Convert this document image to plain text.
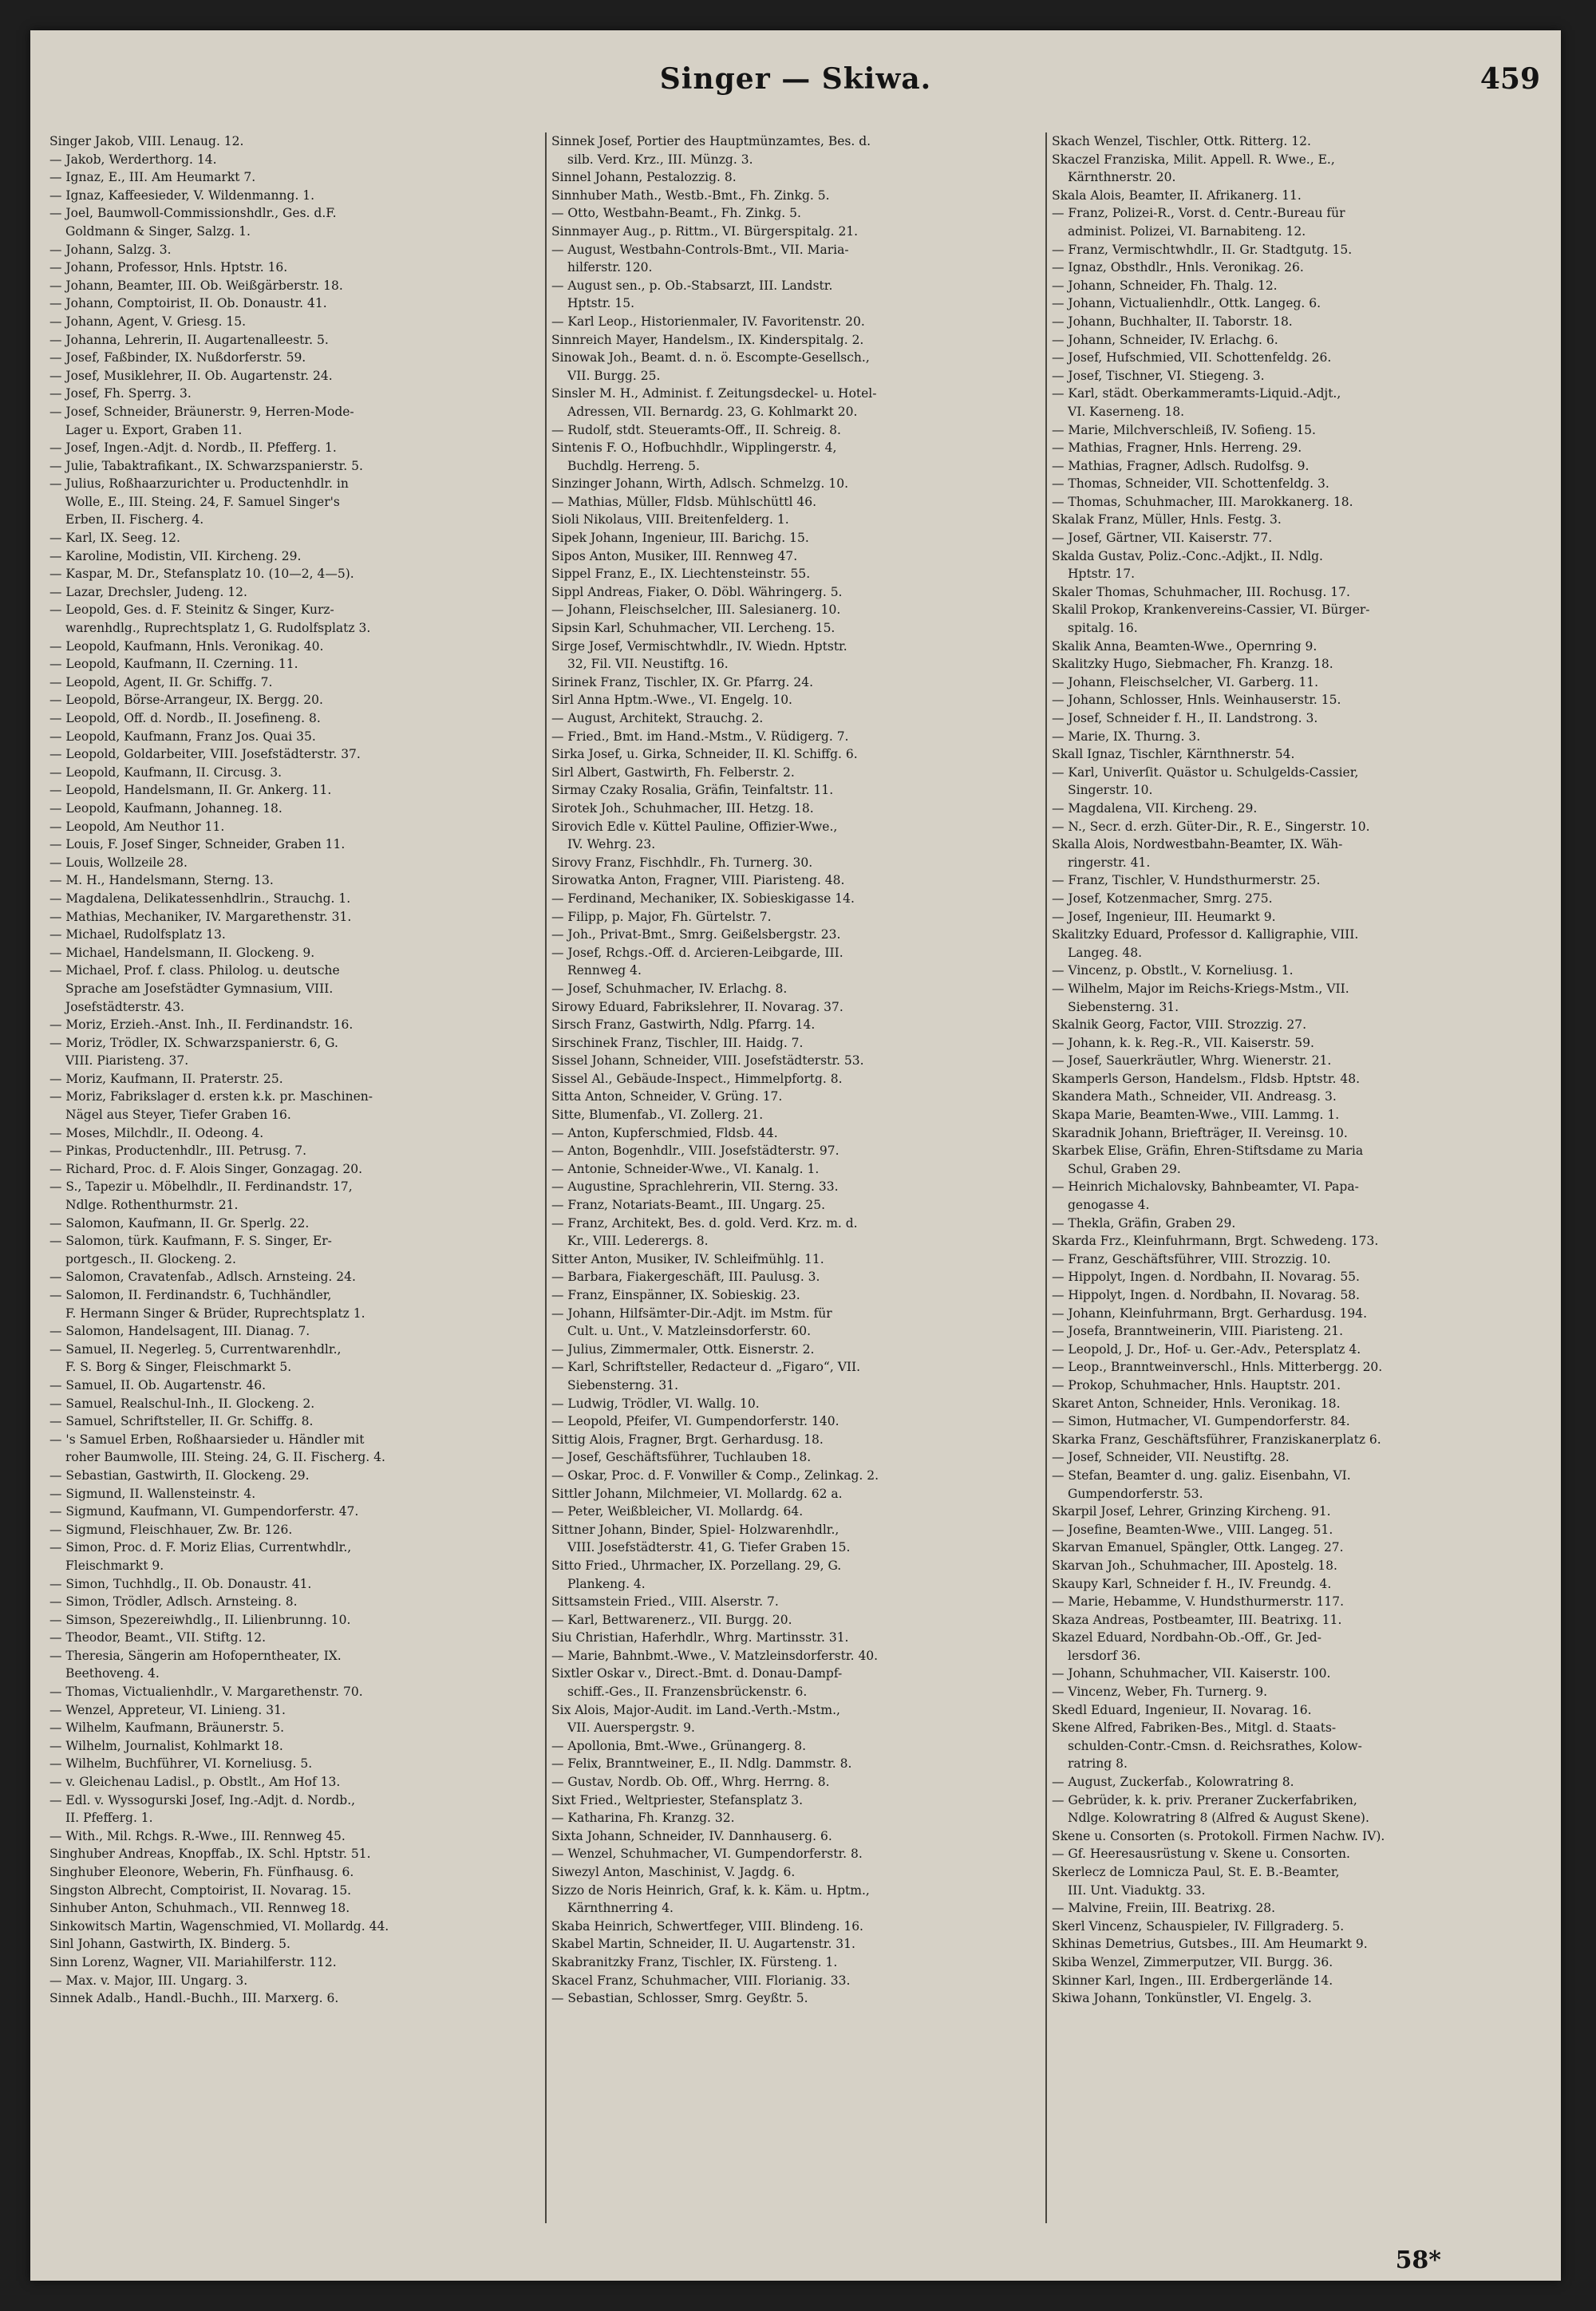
Singer — Skiwa.	459
Singer Jakob, VIII. Lenaug. 12.
— Jakob, Werderthorg. 14.
— Ignaz, E., III. Am Heumarkt 7.
— Ignaz, Kaffeesieder, V. Wildenmanng. 1.
— Joel, Baumwoll-Commissionshdlr., Ges. d.F.
Goldmann & Singer, Salzg. 1.
— Johann, Salzg. 3.
— Johann, Professor, Hnls. Hptstr. 16.
— Johann, Beamter, III. Ob. Weißgärberstr. 18.
— Johann, Comptoirist, II. Ob. Donaustr. 41.
— Johann, Agent, V. Griesg. 15.
— Johanna, Lehrerin, II. Augartenalleestr. 5.
— Josef, Faßbinder, IX. Nußdorferstr. 59.
— Josef, Musiklehrer, II. Ob. Augartenstr. 24.
— Josef, Fh. Sperrg. 3.
— Josef, Schneider, Bräunerstr. 9, Herren-Mode-
Lager u. Export, Graben 11.
— Josef, Ingen.-Adjt. d. Nordb., II. Pfefferg. 1.
— Julie, Tabaktrafikant., IX. Schwarzspanierstr. 5.
— Julius, Roßhaarzurichter u. Productenhdlr. in
Wolle, E., III. Steing. 24, F. Samuel Singer's
Erben, II. Fischerg. 4.
— Karl, IX. Seeg. 12.
— Karoline, Modistin, VII. Kircheng. 29.
— Kaspar, M. Dr., Stefansplatz 10. (10—2, 4—5).
— Lazar, Drechsler, Judeng. 12.
— Leopold, Ges. d. F. Steinitz & Singer, Kurz-
warenhdlg., Ruprechtsplatz 1, G. Rudolfsplatz 3.
— Leopold, Kaufmann, Hnls. Veronikag. 40.
— Leopold, Kaufmann, II. Czerning. 11.
— Leopold, Agent, II. Gr. Schiffg. 7.
— Leopold, Börse-Arrangeur, IX. Bergg. 20.
— Leopold, Off. d. Nordb., II. Josefineng. 8.
— Leopold, Kaufmann, Franz Jos. Quai 35.
— Leopold, Goldarbeiter, VIII. Josefstädterstr. 37.
— Leopold, Kaufmann, II. Circusg. 3.
— Leopold, Handelsmann, II. Gr. Ankerg. 11.
— Leopold, Kaufmann, Johanneg. 18.
— Leopold, Am Neuthor 11.
— Louis, F. Josef Singer, Schneider, Graben 11.
— Louis, Wollzeile 28.
— M. H., Handelsmann, Sterng. 13.
— Magdalena, Delikatessenhdlrin., Strauchg. 1.
— Mathias, Mechaniker, IV. Margarethenstr. 31.
— Michael, Rudolfsplatz 13.
— Michael, Handelsmann, II. Glockeng. 9.
— Michael, Prof. f. class. Philolog. u. deutsche
Sprache am Josefstädter Gymnasium, VIII.
Josefstädterstr. 43.
— Moriz, Erzieh.-Anst. Inh., II. Ferdinandstr. 16.
— Moriz, Trödler, IX. Schwarzspanierstr. 6, G.
VIII. Piaristeng. 37.
— Moriz, Kaufmann, II. Praterstr. 25.
— Moriz, Fabrikslager d. ersten k.k. pr. Maschinen-
Nägel aus Steyer, Tiefer Graben 16.
— Moses, Milchdlr., II. Odeong. 4.
— Pinkas, Productenhdlr., III. Petrusg. 7.
— Richard, Proc. d. F. Alois Singer, Gonzagag. 20.
— S., Tapezir u. Möbelhdlr., II. Ferdinandstr. 17,
Ndlge. Rothenthurmstr. 21.
— Salomon, Kaufmann, II. Gr. Sperlg. 22.
— Salomon, türk. Kaufmann, F. S. Singer, Er-
portgesch., II. Glockeng. 2.
— Salomon, Cravatenfab., Adlsch. Arnsteing. 24.
— Salomon, II. Ferdinandstr. 6, Tuchhändler,
F. Hermann Singer & Brüder, Ruprechtsplatz 1.
— Salomon, Handelsagent, III. Dianag. 7.
— Samuel, II. Negerleg. 5, Currentwarenhdlr.,
F. S. Borg & Singer, Fleischmarkt 5.
— Samuel, II. Ob. Augartenstr. 46.
— Samuel, Realschul-Inh., II. Glockeng. 2.
— Samuel, Schriftsteller, II. Gr. Schiffg. 8.
— 's Samuel Erben, Roßhaarsieder u. Händler mit
roher Baumwolle, III. Steing. 24, G. II. Fischerg. 4.
— Sebastian, Gastwirth, II. Glockeng. 29.
— Sigmund, II. Wallensteinstr. 4.
— Sigmund, Kaufmann, VI. Gumpendorferstr. 47.
— Sigmund, Fleischhauer, Zw. Br. 126.
— Simon, Proc. d. F. Moriz Elias, Currentwhdlr.,
Fleischmarkt 9.
— Simon, Tuchhdlg., II. Ob. Donaustr. 41.
— Simon, Trödler, Adlsch. Arnsteing. 8.
— Simson, Spezereiwhdlg., II. Lilienbrunng. 10.
— Theodor, Beamt., VII. Stiftg. 12.
— Theresia, Sängerin am Hofoperntheater, IX.
Beethoveng. 4.
— Thomas, Victualienhdlr., V. Margarethenstr. 70.
— Wenzel, Appreteur, VI. Linieng. 31.
— Wilhelm, Kaufmann, Bräunerstr. 5.
— Wilhelm, Journalist, Kohlmarkt 18.
— Wilhelm, Buchführer, VI. Korneliusg. 5.
— v. Gleichenau Ladisl., p. Obstlt., Am Hof 13.
— Edl. v. Wyssogurski Josef, Ing.-Adjt. d. Nordb.,
II. Pfefferg. 1.
— With., Mil. Rchgs. R.-Wwe., III. Rennweg 45.
Singhuber Andreas, Knopffab., IX. Schl. Hptstr. 51.
Singhuber Eleonore, Weberin, Fh. Fünfhausg. 6.
Singston Albrecht, Comptoirist, II. Novarag. 15.
Sinhuber Anton, Schuhmach., VII. Rennweg 18.
Sinkowitsch Martin, Wagenschmied, VI. Mollardg. 44.
Sinl Johann, Gastwirth, IX. Binderg. 5.
Sinn Lorenz, Wagner, VII. Mariahilferstr. 112.
— Max. v. Major, III. Ungarg. 3.
Sinnek Adalb., Handl.-Buchh., III. Marxerg. 6.
Sinnek Josef, Portier des Hauptmünzamtes, Bes. d.
silb. Verd. Krz., III. Münzg. 3.
Sinnel Johann, Pestalozzig. 8.
Sinnhuber Math., Westb.-Bmt., Fh. Zinkg. 5.
— Otto, Westbahn-Beamt., Fh. Zinkg. 5.
Sinnmayer Aug., p. Rittm., VI. Bürgerspitalg. 21.
— August, Westbahn-Controls-Bmt., VII. Maria-
hilferstr. 120.
— August sen., p. Ob.-Stabsarzt, III. Landstr.
Hptstr. 15.
— Karl Leop., Historienmaler, IV. Favoritenstr. 20.
Sinnreich Mayer, Handelsm., IX. Kinderspitalg. 2.
Sinowak Joh., Beamt. d. n. ö. Escompte-Gesellsch.,
VII. Burgg. 25.
Sinsler M. H., Administ. f. Zeitungsdeckel- u. Hotel-
Adressen, VII. Bernardg. 23, G. Kohlmarkt 20.
— Rudolf, stdt. Steueramts-Off., II. Schreig. 8.
Sintenis F. O., Hofbuchhdlr., Wipplingerstr. 4,
Buchdlg. Herreng. 5.
Sinzinger Johann, Wirth, Adlsch. Schmelzg. 10.
— Mathias, Müller, Fldsb. Mühlschüttl 46.
Sioli Nikolaus, VIII. Breitenfelderg. 1.
Sipek Johann, Ingenieur, III. Barichg. 15.
Sipos Anton, Musiker, III. Rennweg 47.
Sippel Franz, E., IX. Liechtensteinstr. 55.
Sippl Andreas, Fiaker, O. Döbl. Währingerg. 5.
— Johann, Fleischselcher, III. Salesianerg. 10.
Sipsin Karl, Schuhmacher, VII. Lercheng. 15.
Sirge Josef, Vermischtwhdlr., IV. Wiedn. Hptstr.
32, Fil. VII. Neustiftg. 16.
Sirinek Franz, Tischler, IX. Gr. Pfarrg. 24.
Sirl Anna Hptm.-Wwe., VI. Engelg. 10.
— August, Architekt, Strauchg. 2.
— Fried., Bmt. im Hand.-Mstm., V. Rüdigerg. 7.
Sirka Josef, u. Girka, Schneider, II. Kl. Schiffg. 6.
Sirl Albert, Gastwirth, Fh. Felberstr. 2.
Sirmay Czaky Rosalia, Gräfin, Teinfaltstr. 11.
Sirotek Joh., Schuhmacher, III. Hetzg. 18.
Sirovich Edle v. Küttel Pauline, Offizier-Wwe.,
IV. Wehrg. 23.
Sirovy Franz, Fischhdlr., Fh. Turnerg. 30.
Sirowatka Anton, Fragner, VIII. Piaristeng. 48.
— Ferdinand, Mechaniker, IX. Sobieskigasse 14.
— Filipp, p. Major, Fh. Gürtelstr. 7.
— Joh., Privat-Bmt., Smrg. Geißelsbergstr. 23.
— Josef, Rchgs.-Off. d. Arcieren-Leibgarde, III.
Rennweg 4.
— Josef, Schuhmacher, IV. Erlachg. 8.
Sirowy Eduard, Fabrikslehrer, II. Novarag. 37.
Sirsch Franz, Gastwirth, Ndlg. Pfarrg. 14.
Sirschinek Franz, Tischler, III. Haidg. 7.
Sissel Johann, Schneider, VIII. Josefstädterstr. 53.
Sissel Al., Gebäude-Inspect., Himmelpfortg. 8.
Sitta Anton, Schneider, V. Grüng. 17.
Sitte, Blumenfab., VI. Zollerg. 21.
— Anton, Kupferschmied, Fldsb. 44.
— Anton, Bogenhdlr., VIII. Josefstädterstr. 97.
— Antonie, Schneider-Wwe., VI. Kanalg. 1.
— Augustine, Sprachlehrerin, VII. Sterng. 33.
— Franz, Notariats-Beamt., III. Ungarg. 25.
— Franz, Architekt, Bes. d. gold. Verd. Krz. m. d.
Kr., VIII. Lederergs. 8.
Sitter Anton, Musiker, IV. Schleifmühlg. 11.
— Barbara, Fiakergeschäft, III. Paulusg. 3.
— Franz, Einspänner, IX. Sobieskig. 23.
— Johann, Hilfsämter-Dir.-Adjt. im Mstm. für
Cult. u. Unt., V. Matzleinsdorferstr. 60.
— Julius, Zimmermaler, Ottk. Eisnerstr. 2.
— Karl, Schriftsteller, Redacteur d. „Figaro“, VII.
Siebensterng. 31.
— Ludwig, Trödler, VI. Wallg. 10.
— Leopold, Pfeifer, VI. Gumpendorferstr. 140.
Sittig Alois, Fragner, Brgt. Gerhardusg. 18.
— Josef, Geschäftsführer, Tuchlauben 18.
— Oskar, Proc. d. F. Vonwiller & Comp., Zelinkag. 2.
Sittler Johann, Milchmeier, VI. Mollardg. 62 a.
— Peter, Weißbleicher, VI. Mollardg. 64.
Sittner Johann, Binder, Spiel- Holzwarenhdlr.,
VIII. Josefstädterstr. 41, G. Tiefer Graben 15.
Sitto Fried., Uhrmacher, IX. Porzellang. 29, G.
Plankeng. 4.
Sittsamstein Fried., VIII. Alserstr. 7.
— Karl, Bettwarenerz., VII. Burgg. 20.
Siu Christian, Haferhdlr., Whrg. Martinsstr. 31.
— Marie, Bahnbmt.-Wwe., V. Matzleinsdorferstr. 40.
Sixtler Oskar v., Direct.-Bmt. d. Donau-Dampf-
schiff.-Ges., II. Franzensbrückenstr. 6.
Six Alois, Major-Audit. im Land.-Verth.-Mstm.,
VII. Auerspergstr. 9.
— Apollonia, Bmt.-Wwe., Grünangerg. 8.
— Felix, Branntweiner, E., II. Ndlg. Dammstr. 8.
— Gustav, Nordb. Ob. Off., Whrg. Herrng. 8.
Sixt Fried., Weltpriester, Stefansplatz 3.
— Katharina, Fh. Kranzg. 32.
Sixta Johann, Schneider, IV. Dannhauserg. 6.
— Wenzel, Schuhmacher, VI. Gumpendorferstr. 8.
Siwezyl Anton, Maschinist, V. Jagdg. 6.
Sizzo de Noris Heinrich, Graf, k. k. Käm. u. Hptm.,
Kärnthnerring 4.
Skaba Heinrich, Schwertfeger, VIII. Blindeng. 16.
Skabel Martin, Schneider, II. U. Augartenstr. 31.
Skabranitzky Franz, Tischler, IX. Fürsteng. 1.
Skacel Franz, Schuhmacher, VIII. Florianig. 33.
— Sebastian, Schlosser, Smrg. Geyßtr. 5.
Skach Wenzel, Tischler, Ottk. Ritterg. 12.
Skaczel Franziska, Milit. Appell. R. Wwe., E.,
Kärnthnerstr. 20.
Skala Alois, Beamter, II. Afrikanerg. 11.
— Franz, Polizei-R., Vorst. d. Centr.-Bureau für
administ. Polizei, VI. Barnabiteng. 12.
— Franz, Vermischtwhdlr., II. Gr. Stadtgutg. 15.
— Ignaz, Obsthdlr., Hnls. Veronikag. 26.
— Johann, Schneider, Fh. Thalg. 12.
— Johann, Victualienhdlr., Ottk. Langeg. 6.
— Johann, Buchhalter, II. Taborstr. 18.
— Johann, Schneider, IV. Erlachg. 6.
— Josef, Hufschmied, VII. Schottenfeldg. 26.
— Josef, Tischner, VI. Stiegeng. 3.
— Karl, städt. Oberkammeramts-Liquid.-Adjt.,
VI. Kaserneng. 18.
— Marie, Milchverschleiß, IV. Sofieng. 15.
— Mathias, Fragner, Hnls. Herreng. 29.
— Mathias, Fragner, Adlsch. Rudolfsg. 9.
— Thomas, Schneider, VII. Schottenfeldg. 3.
— Thomas, Schuhmacher, III. Marokkanerg. 18.
Skalak Franz, Müller, Hnls. Festg. 3.
— Josef, Gärtner, VII. Kaiserstr. 77.
Skalda Gustav, Poliz.-Conc.-Adjkt., II. Ndlg.
Hptstr. 17.
Skaler Thomas, Schuhmacher, III. Rochusg. 17.
Skalil Prokop, Krankenvereins-Cassier, VI. Bürger-
spitalg. 16.
Skalik Anna, Beamten-Wwe., Opernring 9.
Skalitzky Hugo, Siebmacher, Fh. Kranzg. 18.
— Johann, Fleischselcher, VI. Garberg. 11.
— Johann, Schlosser, Hnls. Weinhauserstr. 15.
— Josef, Schneider f. H., II. Landstrong. 3.
— Marie, IX. Thurng. 3.
Skall Ignaz, Tischler, Kärnthnerstr. 54.
— Karl, Univerſit. Quästor u. Schulgelds-Cassier,
Singerstr. 10.
— Magdalena, VII. Kircheng. 29.
— N., Secr. d. erzh. Güter-Dir., R. E., Singerstr. 10.
Skalla Alois, Nordwestbahn-Beamter, IX. Wäh-
ringerstr. 41.
— Franz, Tischler, V. Hundsthurmerstr. 25.
— Josef, Kotzenmacher, Smrg. 275.
— Josef, Ingenieur, III. Heumarkt 9.
Skalitzky Eduard, Professor d. Kalligraphie, VIII.
Langeg. 48.
— Vincenz, p. Obstlt., V. Korneliusg. 1.
— Wilhelm, Major im Reichs-Kriegs-Mstm., VII.
Siebensterng. 31.
Skalnik Georg, Factor, VIII. Strozzig. 27.
— Johann, k. k. Reg.-R., VII. Kaiserstr. 59.
— Josef, Sauerkräutler, Whrg. Wienerstr. 21.
Skamperls Gerson, Handelsm., Fldsb. Hptstr. 48.
Skandera Math., Schneider, VII. Andreasg. 3.
Skapa Marie, Beamten-Wwe., VIII. Lammg. 1.
Skaradnik Johann, Briefträger, II. Vereinsg. 10.
Skarbek Elise, Gräfin, Ehren-Stiftsdame zu Maria
Schul, Graben 29.
— Heinrich Michalovsky, Bahnbeamter, VI. Papa-
genogasse 4.
— Thekla, Gräfin, Graben 29.
Skarda Frz., Kleinfuhrmann, Brgt. Schwedeng. 173.
— Franz, Geschäftsführer, VIII. Strozzig. 10.
— Hippolyt, Ingen. d. Nordbahn, II. Novarag. 55.
— Hippolyt, Ingen. d. Nordbahn, II. Novarag. 58.
— Johann, Kleinfuhrmann, Brgt. Gerhardusg. 194.
— Josefa, Branntweinerin, VIII. Piaristeng. 21.
— Leopold, J. Dr., Hof- u. Ger.-Adv., Petersplatz 4.
— Leop., Branntweinverschl., Hnls. Mitterbergg. 20.
— Prokop, Schuhmacher, Hnls. Hauptstr. 201.
Skaret Anton, Schneider, Hnls. Veronikag. 18.
— Simon, Hutmacher, VI. Gumpendorferstr. 84.
Skarka Franz, Geschäftsführer, Franziskanerplatz 6.
— Josef, Schneider, VII. Neustiftg. 28.
— Stefan, Beamter d. ung. galiz. Eisenbahn, VI.
Gumpendorferstr. 53.
Skarpil Josef, Lehrer, Grinzing Kircheng. 91.
— Josefine, Beamten-Wwe., VIII. Langeg. 51.
Skarvan Emanuel, Spängler, Ottk. Langeg. 27.
Skarvan Joh., Schuhmacher, III. Apostelg. 18.
Skaupy Karl, Schneider f. H., IV. Freundg. 4.
— Marie, Hebamme, V. Hundsthurmerstr. 117.
Skaza Andreas, Postbeamter, III. Beatrixg. 11.
Skazel Eduard, Nordbahn-Ob.-Off., Gr. Jed-
lersdorf 36.
— Johann, Schuhmacher, VII. Kaiserstr. 100.
— Vincenz, Weber, Fh. Turnerg. 9.
Skedl Eduard, Ingenieur, II. Novarag. 16.
Skene Alfred, Fabriken-Bes., Mitgl. d. Staats-
schulden-Contr.-Cmsn. d. Reichsrathes, Kolow-
ratring 8.
— August, Zuckerfab., Kolowratring 8.
— Gebrüder, k. k. priv. Preraner Zuckerfabriken,
Ndlge. Kolowratring 8 (Alfred & August Skene).
Skene u. Consorten (s. Protokoll. Firmen Nachw. IV).
— Gf. Heeresausrüstung v. Skene u. Consorten.
Skerlecz de Lomnicza Paul, St. E. B.-Beamter,
III. Unt. Viaduktg. 33.
— Malvine, Freiin, III. Beatrixg. 28.
Skerl Vincenz, Schauspieler, IV. Fillgraderg. 5.
Skhinas Demetrius, Gutsbes., III. Am Heumarkt 9.
Skiba Wenzel, Zimmerputzer, VII. Burgg. 36.
Skinner Karl, Ingen., III. Erdbergerlände 14.
Skiwa Johann, Tonkünstler, VI. Engelg. 3.
58*
